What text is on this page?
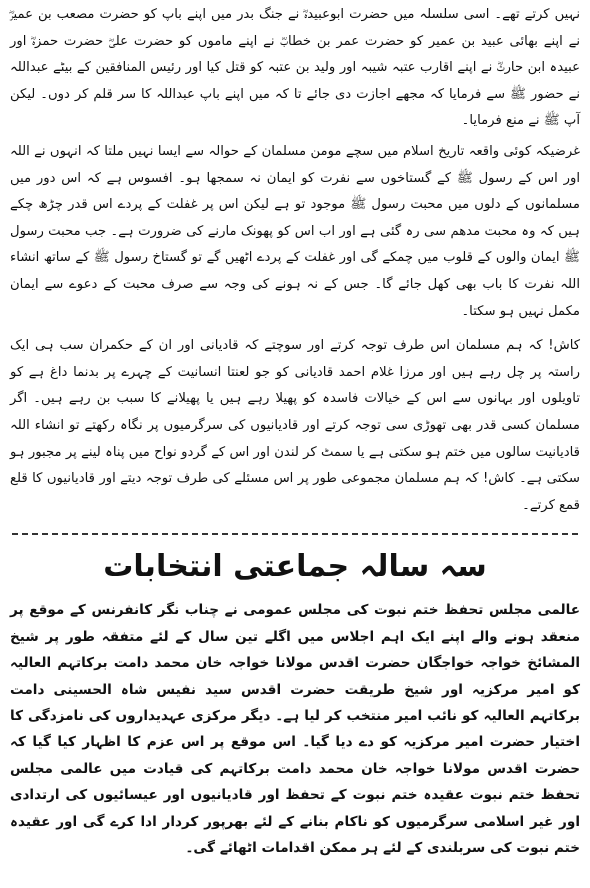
نہیں کرتے تھے۔ اسی سلسلہ میں حضرت ابوعبیدہؓ نے جنگ بدر میں اپنے باپ کو حضرت مصعب بن عمیرؓ نے اپنے بھائی عبید بن عمیر کو حضرت عمر بن خطابؓ نے اپنے ماموں کو حضرت علیؓ حضرت حمزہؓ اور عبیدہ ابن حارثؓ نے اپنے اقارب عتبہ شیبہ اور ولید بن عتبہ کو قتل کیا اور رئیس المنافقین کے بیٹے عبداللہ نے حضور ﷺ سے فرمایا کہ مجھے اجازت دی جائے تا کہ میں اپنے باپ عبداللہ کا سر قلم کر دوں۔ لیکن آپ ﷺ نے منع فرمایا۔

غرضیکہ کوئی واقعہ تاریخ اسلام میں سچے مومن مسلمان کے حوالہ سے ایسا نہیں ملتا کہ انہوں نے اللہ اور اس کے رسول ﷺ کے گستاخوں سے نفرت کو ایمان نہ سمجھا ہو۔ افسوس ہے کہ اس دور میں مسلمانوں کے دلوں میں محبت رسول ﷺ موجود تو ہے لیکن اس پر غفلت کے پردے اس قدر چڑھ چکے ہیں کہ وہ محبت مدھم سی رہ گئی ہے اور اب اس کو پھونک مارنے کی ضرورت ہے۔ جب محبت رسول ﷺ ایمان والوں کے قلوب میں چمکے گی اور غفلت کے پردے اٹھیں گے تو گستاخ رسول ﷺ کے ساتھ انشاء اللہ نفرت کا باب بھی کھل جائے گا۔ جس کے نہ ہونے کی وجہ سے صرف محبت کے دعوے سے ایمان مکمل نہیں ہو سکتا۔

کاش! کہ ہم مسلمان اس طرف توجہ کرتے اور سوچتے کہ قادیانی اور ان کے حکمران سب ہی ایک راستہ پر چل رہے ہیں اور مرزا غلام احمد قادیانی کو جو لعنتا انسانیت کے چہرے پر بدنما داغ ہے کو تاویلوں اور بہانوں سے اس کے خیالات فاسدہ کو پھیلا رہے ہیں یا پھیلانے کا سبب بن رہے ہیں۔ اگر مسلمان کسی قدر بھی تھوڑی سی توجہ کرتے اور قادیانیوں کی سرگرمیوں پر نگاہ رکھتے تو انشاء اللہ قادیانیت سالوں میں ختم ہو سکتی ہے یا سمٹ کر لندن اور اس کے گردو نواح میں پناہ لینے پر مجبور ہو سکتی ہے۔ کاش! کہ ہم مسلمان مجموعی طور پر اس مسئلے کی طرف توجہ دیتے اور قادیانیوں کا قلع قمع کرتے۔

سہ سالہ جماعتی انتخابات

عالمی مجلس تحفظ ختم نبوت کی مجلس عمومی نے چناب نگر کانفرنس کے موقع پر منعقد ہونے والے اپنے ایک اہم اجلاس میں اگلے تین سال کے لئے متفقہ طور پر شیخ المشائخ خواجہ خواجگان حضرت اقدس مولانا خواجہ خان محمد دامت برکاتہم العالیہ کو امیر مرکزیہ اور شیخ طریقت حضرت اقدس سید نفیس شاہ الحسینی دامت برکاتہم العالیہ کو نائب امیر منتخب کر لیا ہے۔ دیگر مرکزی عہدیداروں کی نامزدگی کا اختیار حضرت امیر مرکزیہ کو دے دیا گیا۔ اس موقع پر اس عزم کا اظہار کیا گیا کہ حضرت اقدس مولانا خواجہ خان محمد دامت برکاتہم کی قیادت میں عالمی مجلس تحفظ ختم نبوت عقیدہ ختم نبوت کے تحفظ اور قادیانیوں اور عیسائیوں کی ارتدادی اور غیر اسلامی سرگرمیوں کو ناکام بنانے کے لئے بھرپور کردار ادا کرے گی اور عقیدہ ختم نبوت کی سربلندی کے لئے ہر ممکن اقدامات اٹھائے گی۔
